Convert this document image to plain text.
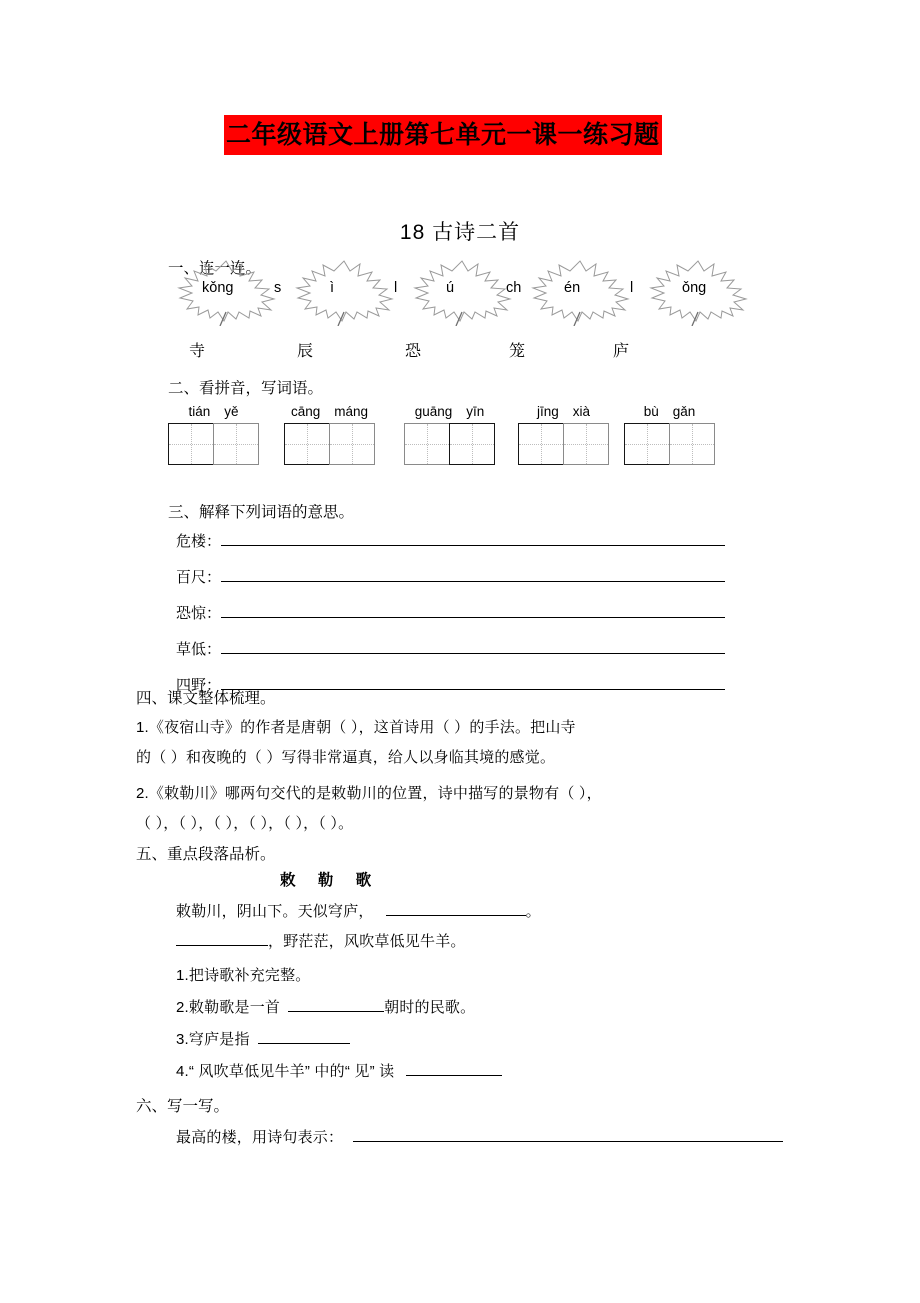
二年级语文上册第七单元一课一练习题
18 古诗二首
一、连一连。
kǒng	ì
s	ú
l	én
ch	ǒng
l
寺	辰	恐	笼	庐
二、看拼音，写词语。
tián yě	cāng máng	guāng yīn	jīng xià	bù gǎn
三、解释下列词语的意思。
危楼：
百尺：
恐惊：
草低：
四野：
四、课文整体梳理。
1.《夜宿山寺》的作者是唐朝（ ），这首诗用（ ）的手法。把山寺
的（ ）和夜晚的（ ）写得非常逼真，给人以身临其境的感觉。
2.《敕勒川》哪两句交代的是敕勒川的位置，诗中描写的景物有（ ），
（ ），（ ），（ ），（ ），（ ），（ ）。
五、重点段落品析。
敕 勒 歌
敕勒川，阴山下。天似穹庐，	。
，野茫茫，风吹草低见牛羊。
1.把诗歌补充完整。
2.敕勒歌是一首	朝时的民歌。
3.穹庐是指
4.“ 风吹草低见牛羊” 中的“ 见” 读
六、写一写。
最高的楼，用诗句表示：
